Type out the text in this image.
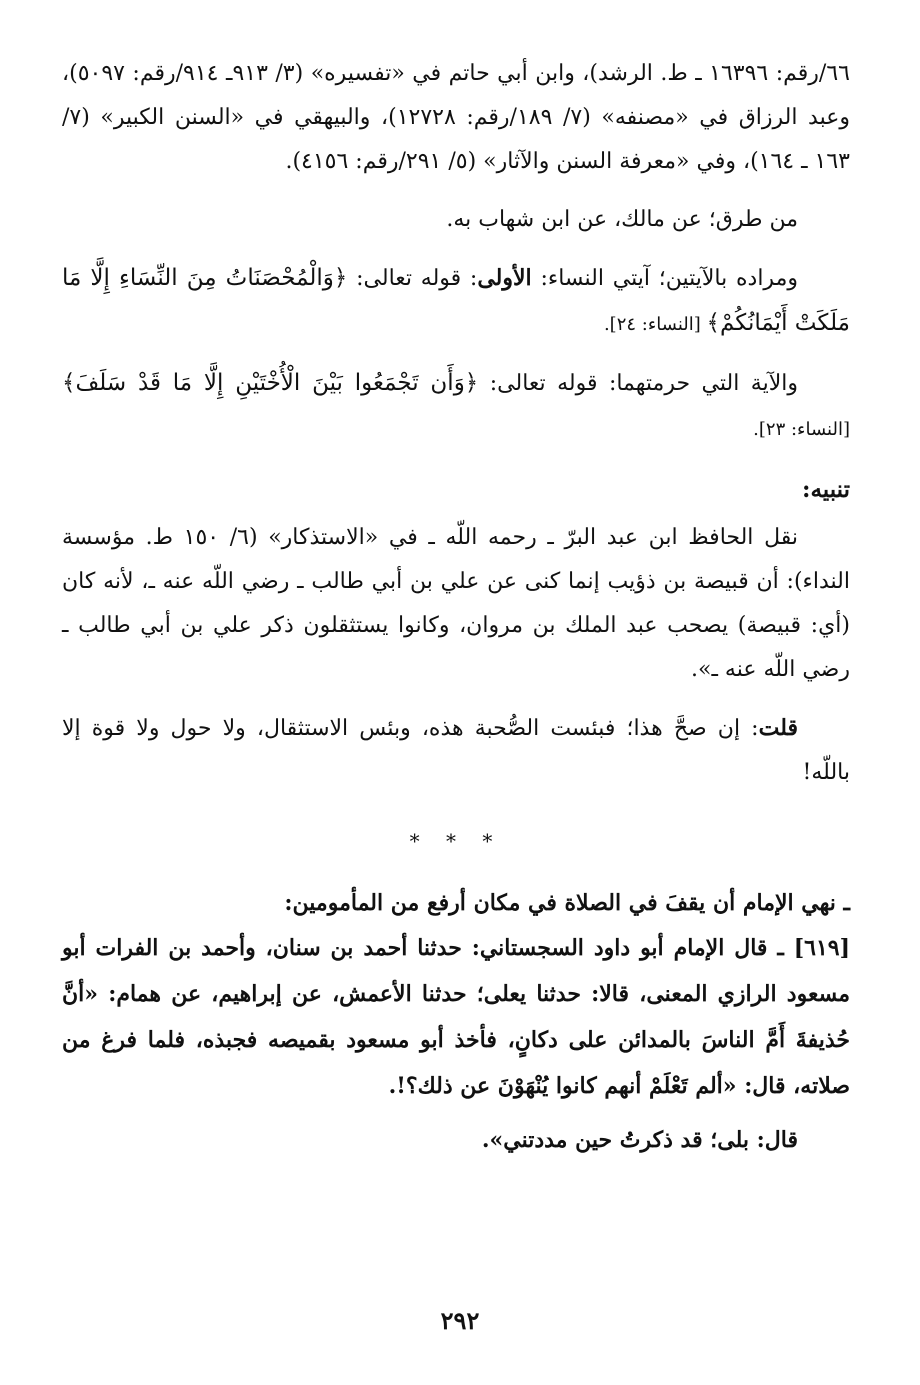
٦٦/رقم: ١٦٣٩٦ ـ ط. الرشد)، وابن أبي حاتم في «تفسيره» (٣/ ٩١٣ـ ٩١٤/رقم: ٥٠٩٧)، وعبد الرزاق في «مصنفه» (٧/ ١٨٩/رقم: ١٢٧٢٨)، والبيهقي في «السنن الكبير» (٧/ ١٦٣ ـ ١٦٤)، وفي «معرفة السنن والآثار» (٥/ ٢٩١/رقم: ٤١٥٦).

من طرق؛ عن مالك، عن ابن شهاب به.

ومراده بالآيتين؛ آيتي النساء: الأولى: قوله تعالى: ﴿وَالْمُحْصَنَاتُ مِنَ النِّسَاءِ إِلَّا مَا مَلَكَتْ أَيْمَانُكُمْ﴾ [النساء: ٢٤].

والآية التي حرمتهما: قوله تعالى: ﴿وَأَن تَجْمَعُوا بَيْنَ الْأُخْتَيْنِ إِلَّا مَا قَدْ سَلَفَ﴾ [النساء: ٢٣].

تنبيه:

نقل الحافظ ابن عبد البرّ ـ رحمه اللّه ـ في «الاستذكار» (٦/ ١٥٠ ط. مؤسسة النداء): أن قبيصة بن ذؤيب إنما كنى عن علي بن أبي طالب ـ رضي اللّه عنه ـ، لأنه كان (أي: قبيصة) يصحب عبد الملك بن مروان، وكانوا يستثقلون ذكر علي بن أبي طالب ـ رضي اللّه عنه ـ».

قلت: إن صحَّ هذا؛ فبئست الصُّحبة هذه، وبئس الاستثقال، ولا حول ولا قوة إلا باللّه!

* * *

ـ نهي الإمام أن يقفَ في الصلاة في مكان أرفع من المأمومين:

[٦١٩] ـ قال الإمام أبو داود السجستاني: حدثنا أحمد بن سنان، وأحمد بن الفرات أبو مسعود الرازي المعنى، قالا: حدثنا يعلى؛ حدثنا الأعمش، عن إبراهيم، عن همام: «أنَّ حُذيفةَ أَمَّ الناسَ بالمدائن على دكانٍ، فأخذ أبو مسعود بقميصه فجبذه، فلما فرغ من صلاته، قال: «ألم تَعْلَمْ أنهم كانوا يُنْهَوْنَ عن ذلك؟!.

قال: بلى؛ قد ذكرتُ حين مددتني».

٢٩٢
